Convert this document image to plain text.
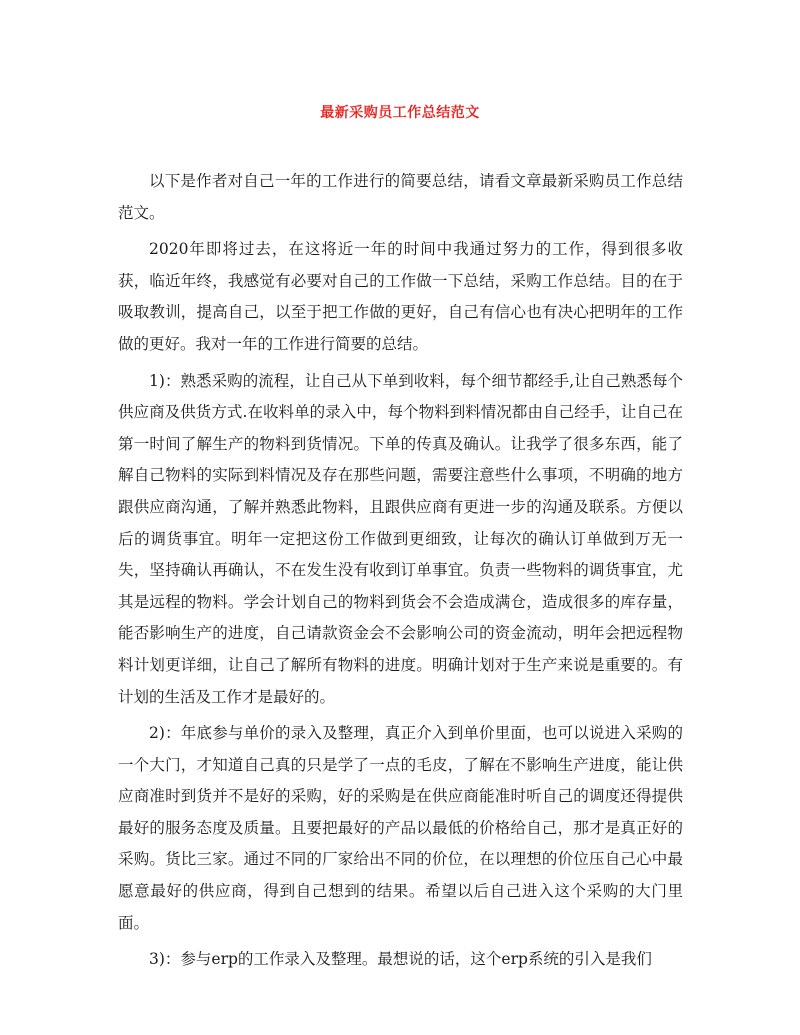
最新采购员工作总结范文

以下是作者对自己一年的工作进行的简要总结，请看文章最新采购员工作总结范文。

2020年即将过去，在这将近一年的时间中我通过努力的工作，得到很多收获，临近年终，我感觉有必要对自己的工作做一下总结，采购工作总结。目的在于吸取教训，提高自己，以至于把工作做的更好，自己有信心也有决心把明年的工作做的更好。我对一年的工作进行简要的总结。

1)：熟悉采购的流程，让自己从下单到收料，每个细节都经手,让自己熟悉每个供应商及供货方式.在收料单的录入中，每个物料到料情况都由自己经手，让自己在第一时间了解生产的物料到货情况。下单的传真及确认。让我学了很多东西，能了解自己物料的实际到料情况及存在那些问题，需要注意些什么事项，不明确的地方跟供应商沟通，了解并熟悉此物料，且跟供应商有更进一步的沟通及联系。方便以后的调货事宜。明年一定把这份工作做到更细致，让每次的确认订单做到万无一失，坚持确认再确认，不在发生没有收到订单事宜。负责一些物料的调货事宜，尤其是远程的物料。学会计划自己的物料到货会不会造成满仓，造成很多的库存量，能否影响生产的进度，自己请款资金会不会影响公司的资金流动，明年会把远程物料计划更详细，让自己了解所有物料的进度。明确计划对于生产来说是重要的。有计划的生活及工作才是最好的。

2)：年底参与单价的录入及整理，真正介入到单价里面，也可以说进入采购的一个大门，才知道自己真的只是学了一点的毛皮，了解在不影响生产进度，能让供应商准时到货并不是好的采购，好的采购是在供应商能准时听自己的调度还得提供最好的服务态度及质量。且要把最好的产品以最低的价格给自己，那才是真正好的采购。货比三家。通过不同的厂家给出不同的价位，在以理想的价位压自己心中最愿意最好的供应商，得到自己想到的结果。希望以后自己进入这个采购的大门里面。

3)：参与erp的工作录入及整理。最想说的话，这个erp系统的引入是我们
